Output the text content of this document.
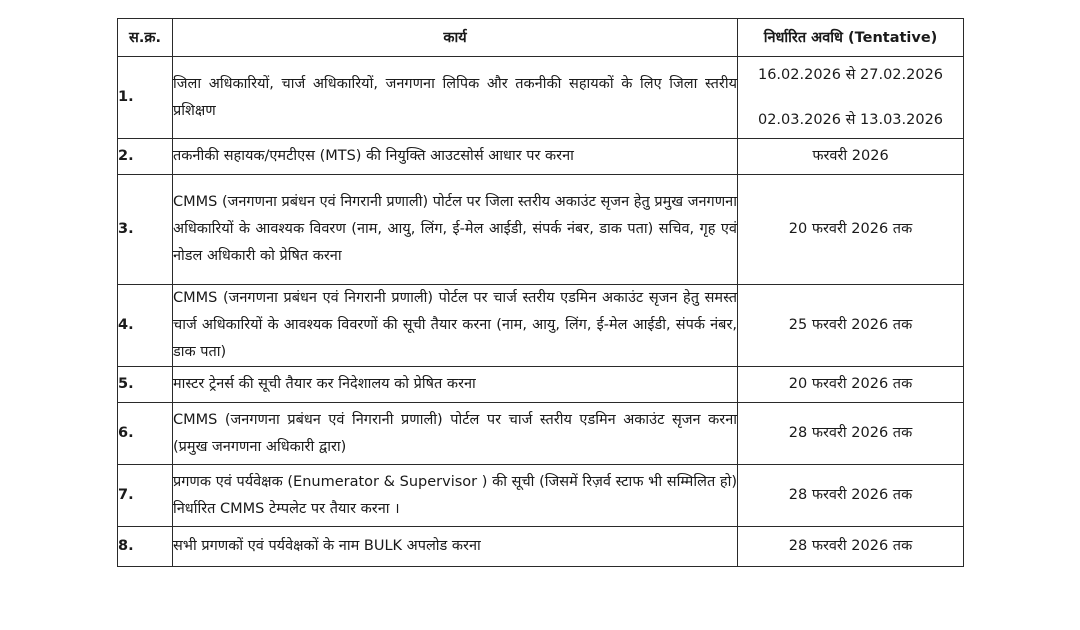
स.क्र.	कार्य	निर्धारित अवधि (Tentative)
1.	जिला अधिकारियों, चार्ज अधिकारियों, जनगणना लिपिक और तकनीकी सहायकों के लिए जिला स्तरीय प्रशिक्षण	16.02.2026 से 27.02.2026
02.03.2026 से 13.03.2026

2.	तकनीकी सहायक/एमटीएस (MTS) की नियुक्ति आउटसोर्स आधार पर करना	फरवरी 2026

3.	CMMS (जनगणना प्रबंधन एवं निगरानी प्रणाली) पोर्टल पर जिला स्तरीय अकाउंट सृजन हेतु प्रमुख जनगणना अधिकारियों के आवश्यक विवरण (नाम, आयु, लिंग, ई-मेल आईडी, संपर्क नंबर, डाक पता) सचिव, गृह एवं नोडल अधिकारी को प्रेषित करना	20 फरवरी 2026 तक

4.	CMMS (जनगणना प्रबंधन एवं निगरानी प्रणाली) पोर्टल पर चार्ज स्तरीय एडमिन अकाउंट सृजन हेतु समस्त चार्ज अधिकारियों के आवश्यक विवरणों की सूची तैयार करना (नाम, आयु, लिंग, ई-मेल आईडी, संपर्क नंबर, डाक पता)	25 फरवरी 2026 तक

5.	मास्टर ट्रेनर्स की सूची तैयार कर निदेशालय को प्रेषित करना	20 फरवरी 2026 तक

6.	CMMS (जनगणना प्रबंधन एवं निगरानी प्रणाली) पोर्टल पर चार्ज स्तरीय एडमिन अकाउंट सृजन करना (प्रमुख जनगणना अधिकारी द्वारा)	28 फरवरी 2026 तक

7.	प्रगणक एवं पर्यवेक्षक (Enumerator & Supervisor ) की सूची (जिसमें रिज़र्व स्टाफ भी सम्मिलित हो) निर्धारित CMMS टेम्पलेट पर तैयार करना ।	28 फरवरी 2026 तक

8.	सभी प्रगणकों एवं पर्यवेक्षकों के नाम BULK अपलोड करना	28 फरवरी 2026 तक
